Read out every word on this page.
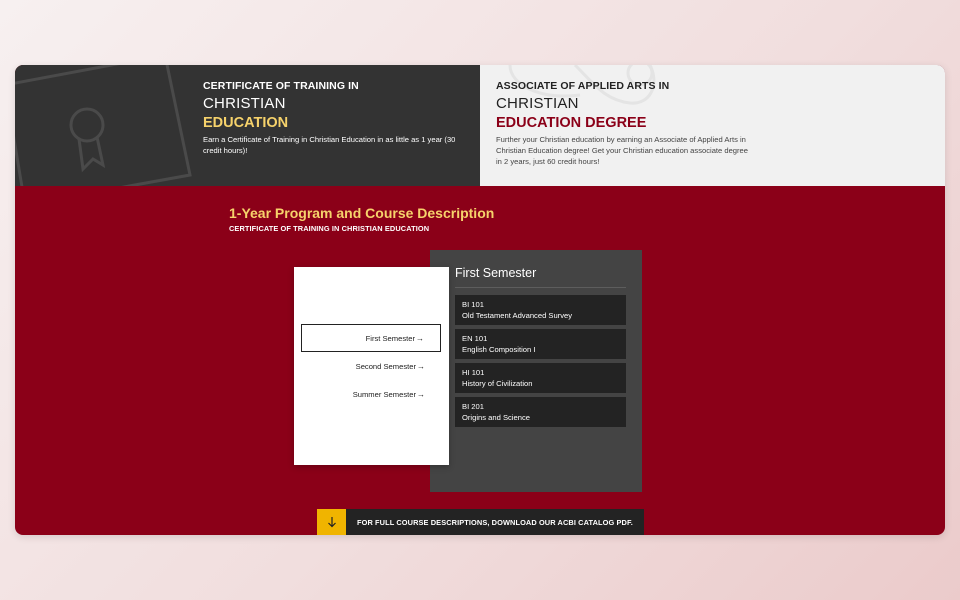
CERTIFICATE OF TRAINING IN
CHRISTIAN
EDUCATION
Earn a Certificate of Training in Christian Education in as little as 1 year (30 credit hours)!
ASSOCIATE OF APPLIED ARTS IN
CHRISTIAN
EDUCATION DEGREE
Further your Christian education by earning an Associate of Applied Arts in Christian Education degree! Get your Christian education associate degree in 2 years, just 60 credit hours!
1-Year Program and Course Description
CERTIFICATE OF TRAINING IN CHRISTIAN EDUCATION
First Semester
BI 101
Old Testament Advanced Survey
EN 101
English Composition I
HI 101
History of Civilization
BI 201
Origins and Science
First Semester →
Second Semester →
Summer Semester →
FOR FULL COURSE DESCRIPTIONS, DOWNLOAD OUR ACBI CATALOG PDF.
